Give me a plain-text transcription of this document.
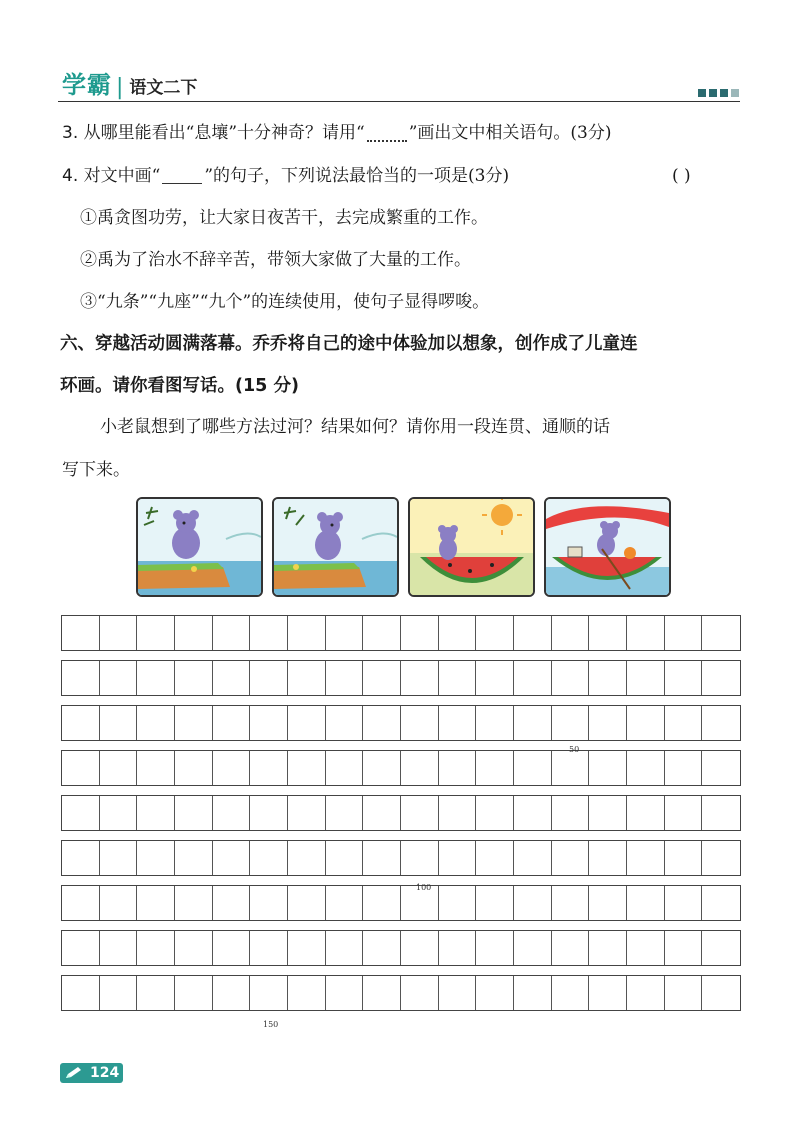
学霸 | 语文二下
3. 从哪里能看出“息壤”十分神奇？请用“	”画出文中相关语句。(3分)
4. 对文中画“	”的句子，下列说法最恰当的一项是(3分)	( )
①禹贪图功劳，让大家日夜苦干，去完成繁重的工作。
②禹为了治水不辞辛苦，带领大家做了大量的工作。
③“九条”“九座”“九个”的连续使用，使句子显得啰唆。
六、穿越活动圆满落幕。乔乔将自己的途中体验加以想象，创作成了儿童连
环画。请你看图写话。(15 分)
小老鼠想到了哪些方法过河？结果如何？请你用一段连贯、通顺的话
写下来。
50
100
150
124
